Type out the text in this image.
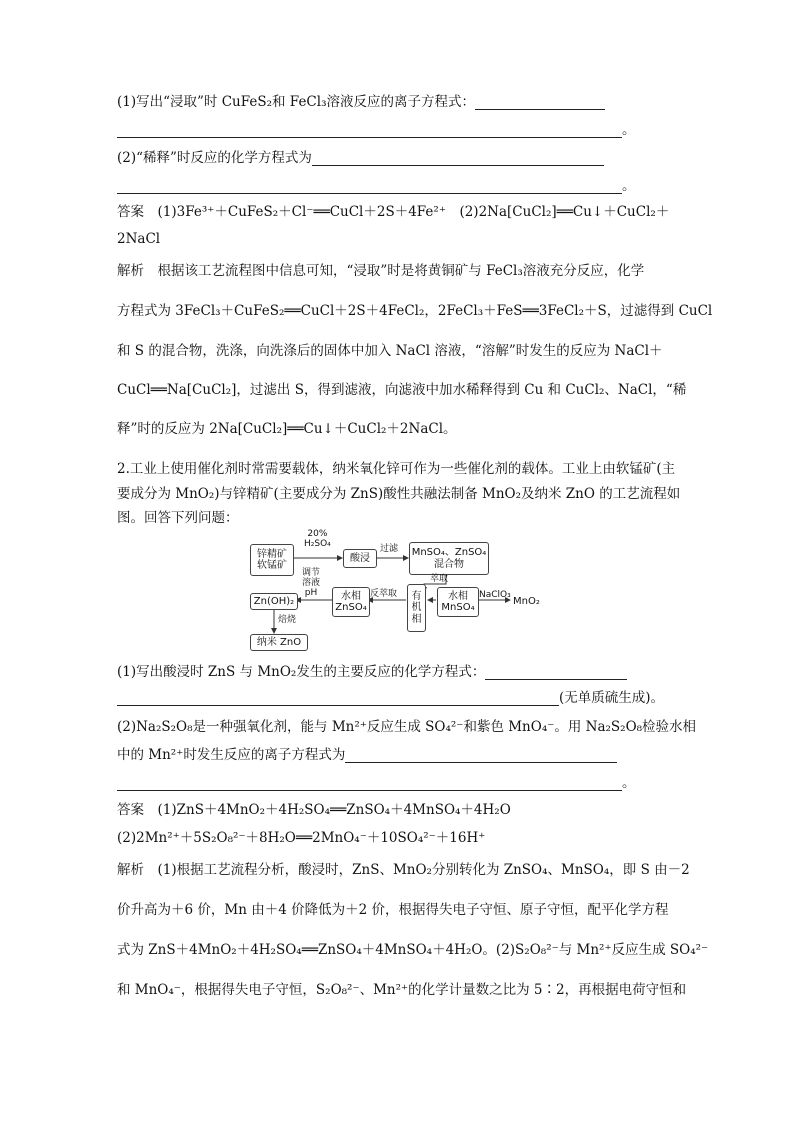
(1)写出“浸取”时 CuFeS₂和 FeCl₃溶液反应的离子方程式：
。
(2)“稀释”时反应的化学方程式为
。
答案　(1)3Fe³⁺＋CuFeS₂＋Cl⁻══CuCl＋2S＋4Fe²⁺　(2)2Na[CuCl₂]══Cu↓＋CuCl₂＋
2NaCl
解析　根据该工艺流程图中信息可知，“浸取”时是将黄铜矿与 FeCl₃溶液充分反应，化学
方程式为 3FeCl₃＋CuFeS₂══CuCl＋2S＋4FeCl₂，2FeCl₃＋FeS══3FeCl₂＋S，过滤得到 CuCl
和 S 的混合物，洗涤，向洗涤后的固体中加入 NaCl 溶液，“溶解”时发生的反应为 NaCl＋
CuCl══Na[CuCl₂]，过滤出 S，得到滤液，向滤液中加水稀释得到 Cu 和 CuCl₂、NaCl，“稀
释”时的反应为 2Na[CuCl₂]══Cu↓＋CuCl₂＋2NaCl。
2.工业上使用催化剂时常需要载体，纳米氧化锌可作为一些催化剂的载体。工业上由软锰矿(主
要成分为 MnO₂)与锌精矿(主要成分为 ZnS)酸性共融法制备 MnO₂及纳米 ZnO 的工艺流程如
图。回答下列问题：
锌精矿
软锰矿
20%
H₂SO₄
酸浸
过滤 MnSO₄、ZnSO₄
混合物
萃取
有
机
相
水相
MnSO₄
NaClO₃
MnO₂
反萃取
水相
ZnSO₄
调节
溶液
pH
Zn(OH)₂
焙烧
纳米 ZnO
(1)写出酸浸时 ZnS 与 MnO₂发生的主要反应的化学方程式：
(无单质硫生成)。
(2)Na₂S₂O₈是一种强氧化剂，能与 Mn²⁺反应生成 SO₄²⁻和紫色 MnO₄⁻。用 Na₂S₂O₈检验水相
中的 Mn²⁺时发生反应的离子方程式为
。
答案　(1)ZnS＋4MnO₂＋4H₂SO₄══ZnSO₄＋4MnSO₄＋4H₂O
(2)2Mn²⁺＋5S₂O₈²⁻＋8H₂O══2MnO₄⁻＋10SO₄²⁻＋16H⁺
解析　(1)根据工艺流程分析，酸浸时，ZnS、MnO₂分别转化为 ZnSO₄、MnSO₄，即 S 由－2
价升高为＋6 价，Mn 由＋4 价降低为＋2 价，根据得失电子守恒、原子守恒，配平化学方程
式为 ZnS＋4MnO₂＋4H₂SO₄══ZnSO₄＋4MnSO₄＋4H₂O。(2)S₂O₈²⁻与 Mn²⁺反应生成 SO₄²⁻
和 MnO₄⁻，根据得失电子守恒，S₂O₈²⁻、Mn²⁺的化学计量数之比为 5∶2，再根据电荷守恒和
